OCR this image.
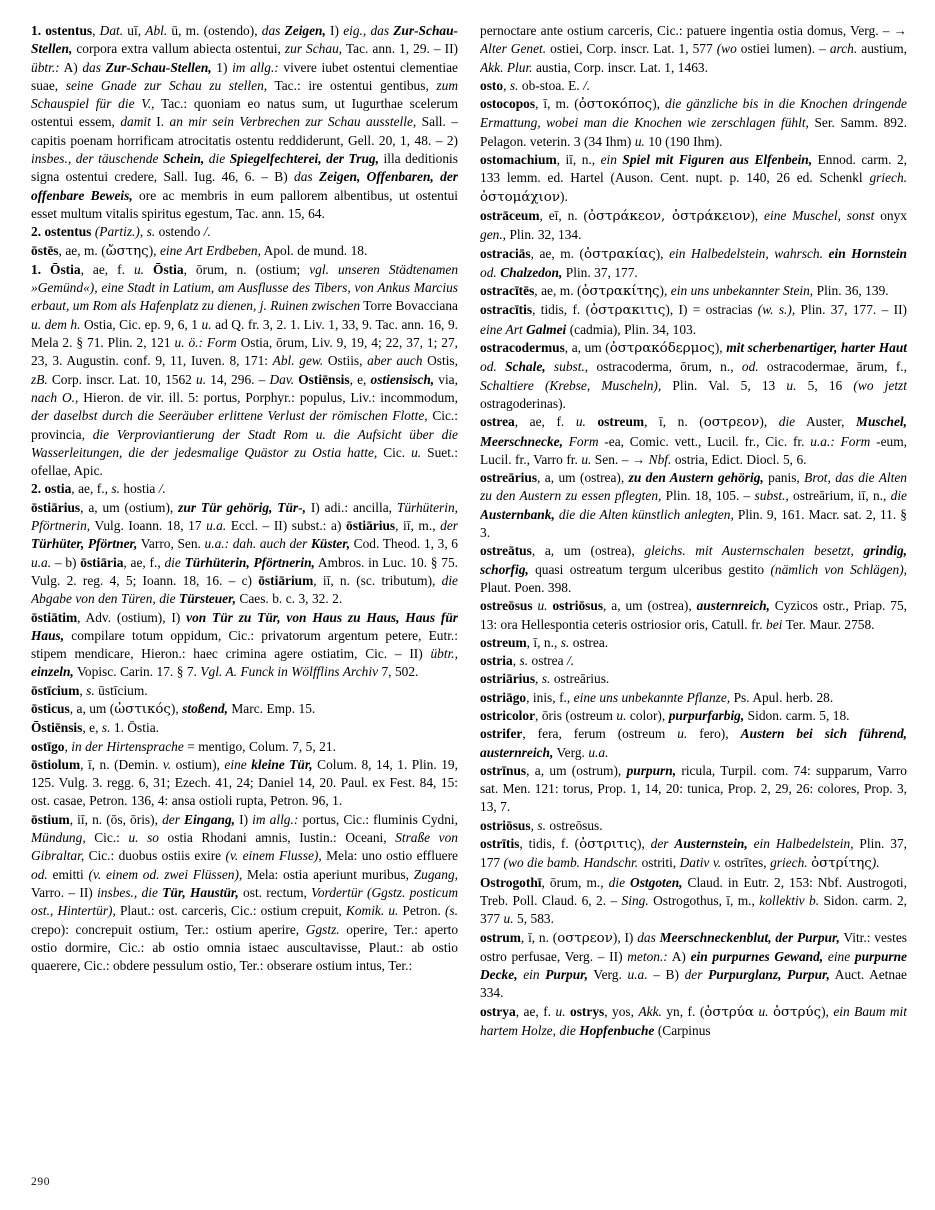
1. ostentus, Dat. uī, Abl. ū, m. (ostendo), das Zeigen, I) eig., das Zur-Schau-Stellen, corpora extra vallum abiecta ostentui, zur Schau, Tac. ann. 1, 29. – II) übtr.: A) das Zur-Schau-Stellen, 1) im allg.: vivere iubet ostentui clementiae suae, seine Gnade zur Schau zu stellen, Tac.: ire ostentui gentibus, zum Schauspiel für die V., Tac.: quoniam eo natus sum, ut Iugurthae scelerum ostentui essem, damit I. an mir sein Verbrechen zur Schau ausstelle, Sall. – capitis poenam horrificam atrocitatis ostentu reddiderunt, Gell. 20, 1, 48. – 2) insbes., der täuschende Schein, die Spiegelfechterei, der Trug, illa deditionis signa ostentui credere, Sall. Iug. 46, 6. – B) das Zeigen, Offenbaren, der offenbare Beweis, ore ac membris in eum pallorem albentibus, ut ostentui esset multum vitalis spiritus egestum, Tac. ann. 15, 64.

2. ostentus (Partiz.), s. ostendo /.

ōstēs, ae, m. (ὤστης), eine Art Erdbeben, Apol. de mund. 18.

1. Ōstia, ae, f. u. Ōstia, ōrum, n. (ostium; vgl. unseren Städtenamen »Gemünd«), eine Stadt in Latium, am Ausflusse des Tibers, von Ankus Marcius erbaut, um Rom als Hafenplatz zu dienen, j. Ruinen zwischen Torre Bovacciana u. dem h. Ostia, Cic. ep. 9, 6, 1 u. ad Q. fr. 3, 2. 1. Liv. 1, 33, 9. Tac. ann. 16, 9. Mela 2. § 71. Plin. 2, 121 u. ö.: Form Ostia, ōrum, Liv. 9, 19, 4; 22, 37, 1; 27, 23, 3. Augustin. conf. 9, 11, Iuven. 8, 171: Abl. gew. Ostiis, aber auch Ostis, zB. Corp. inscr. Lat. 10, 1562 u. 14, 296. – Dav. Ostiēnsis, e, ostiensisch, via, nach O., Hieron. de vir. ill. 5: portus, Porphyr.: populus, Liv.: incommodum, der daselbst durch die Seeräuber erlittene Verlust der römischen Flotte, Cic.: provincia, die Verproviantierung der Stadt Rom u. die Aufsicht über die Wasserleitungen, die der jedesmalige Quästor zu Ostia hatte, Cic. u. Suet.: ofellae, Apic.

2. ostia, ae, f., s. hostia /.

ōstiārius, a, um (ostium), zur Tür gehörig, Tür-, I) adi.: ancilla, Türhüterin, Pförtnerin, Vulg. Ioann. 18, 17 u.a. Eccl. – II) subst.: a) ōstiārius, iī, m., der Türhüter, Pförtner, Varro, Sen. u.a.: dah. auch der Küster, Cod. Theod. 1, 3, 6 u.a. – b) ōstiāria, ae, f., die Türhüterin, Pförtnerin, Ambros. in Luc. 10. § 75. Vulg. 2. reg. 4, 5; Ioann. 18, 16. – c) ōstiārium, iī, n. (sc. tributum), die Abgabe von den Türen, die Türsteuer, Caes. b. c. 3, 32. 2.

ōstiātim, Adv. (ostium), I) von Tür zu Tür, von Haus zu Haus, Haus für Haus, compilare totum oppidum, Cic.: privatorum argentum petere, Eutr.: stipem mendicare, Hieron.: haec crimina agere ostiatim, Cic. – II) übtr., einzeln, Vopisc. Carin. 17. § 7. Vgl. A. Funck in Wölfflins Archiv 7, 502.

ōstīcium, s. ūstīcium.

ōsticus, a, um (ὠστικός), stoßend, Marc. Emp. 15.

Ōstiēnsis, e, s. 1. Ōstia.

ostīgo, in der Hirtensprache = mentigo, Colum. 7, 5, 21.

ōstiolum, ī, n. (Demin. v. ostium), eine kleine Tür, Colum. 8, 14, 1. Plin. 19, 125. Vulg. 3. regg. 6, 31; Ezech. 41, 24; Daniel 14, 20. Paul. ex Fest. 84, 15: ost. casae, Petron. 136, 4: ansa ostioli rupta, Petron. 96, 1.

ōstium, iī, n. (ōs, ōris), der Eingang, I) im allg.: portus, Cic.: fluminis Cydni, Mündung, Cic.: u. so ostia Rhodani amnis, Iustin.: Oceani, Straße von Gibraltar, Cic.: duobus ostiis exire (v. einem Flusse), Mela: uno ostio effluere od. emitti (v. einem od. zwei Flüssen), Mela: ostia aperiunt muribus, Zugang, Varro. – II) insbes., die Tür, Haustür, ost. rectum, Vordertür (Ggstz. posticum ost., Hintertür), Plaut.: ost. carceris, Cic.: ostium crepuit, Komik. u. Petron. (s. crepo): concrepuit ostium, Ter.: ostium aperire, Ggstz. operire, Ter.: aperto ostio dormire, Cic.: ab ostio omnia istaec auscultavisse, Plaut.: ab ostio quaerere, Cic.: obdere pessulum ostio, Ter.: obserare ostium intus, Ter.:

pernoctare ante ostium carceris, Cic.: patuere ingentia ostia domus, Verg. – → Alter Genet. ostiei, Corp. inscr. Lat. 1, 577 (wo ostiei lumen). – arch. austium, Akk. Plur. austia, Corp. inscr. Lat. 1, 1463.

osto, s. ob-stoa. E. /.

ostocopos, ī, m. (ὀστοκόπος), die gänzliche bis in die Knochen dringende Ermattung, wobei man die Knochen wie zerschlagen fühlt, Ser. Samm. 892. Pelagon. veterin. 3 (34 Ihm) u. 10 (190 Ihm).

ostomachium, iī, n., ein Spiel mit Figuren aus Elfenbein, Ennod. carm. 2, 133 lemm. ed. Hartel (Auson. Cent. nupt. p. 140, 26 ed. Schenkl griech. ὀστομάχιον).

ostrāceum, eī, n. (ὀστράκεον, ὀστράκειον), eine Muschel, sonst onyx gen., Plin. 32, 134.

ostraciās, ae, m. (ὀστρακίας), ein Halbedelstein, wahrsch. ein Hornstein od. Chalzedon, Plin. 37, 177.

ostracītēs, ae, m. (ὀστρακίτης), ein uns unbekannter Stein, Plin. 36, 139.

ostracītis, tidis, f. (ὀστρακιτις), I) = ostracias (w. s.), Plin. 37, 177. – II) eine Art Galmei (cadmia), Plin. 34, 103.

ostracodermus, a, um (ὀστρακόδερμος), mit scherbenartiger, harter Haut od. Schale, subst., ostracoderma, ōrum, n., od. ostracodermae, ārum, f., Schaltiere (Krebse, Muscheln), Plin. Val. 5, 13 u. 5, 16 (wo jetzt ostragoderinas).

ostrea, ae, f. u. ostreum, ī, n. (οστρεον), die Auster, Muschel, Meerschnecke, Form -ea, Comic. vett., Lucil. fr., Cic. fr. u.a.: Form -eum, Lucil. fr., Varro fr. u. Sen. – → Nbf. ostria, Edict. Diocl. 5, 6.

ostreārius, a, um (ostrea), zu den Austern gehörig, panis, Brot, das die Alten zu den Austern zu essen pflegten, Plin. 18, 105. – subst., ostreārium, iī, n., die Austernbank, die die Alten künstlich anlegten, Plin. 9, 161. Macr. sat. 2, 11. § 3.

ostreātus, a, um (ostrea), gleichs. mit Austernschalen besetzt, grindig, schorfig, quasi ostreatum tergum ulceribus gestito (nämlich von Schlägen), Plaut. Poen. 398.

ostreōsus u. ostriōsus, a, um (ostrea), austernreich, Cyzicos ostr., Priap. 75, 13: ora Hellespontia ceteris ostriosior oris, Catull. fr. bei Ter. Maur. 2758.

ostreum, ī, n., s. ostrea.

ostria, s. ostrea /.

ostriārius, s. ostreārius.

ostriāgo, inis, f., eine uns unbekannte Pflanze, Ps. Apul. herb. 28.

ostricolor, ōris (ostreum u. color), purpurfarbig, Sidon. carm. 5, 18.

ostrifer, fera, ferum (ostreum u. fero), Austern bei sich führend, austernreich, Verg. u.a.

ostrīnus, a, um (ostrum), purpurn, ricula, Turpil. com. 74: supparum, Varro sat. Men. 121: torus, Prop. 1, 14, 20: tunica, Prop. 2, 29, 26: colores, Prop. 3, 13, 7.

ostriōsus, s. ostreōsus.

ostrītis, tidis, f. (ὀστριτις), der Austernstein, ein Halbedelstein, Plin. 37, 177 (wo die bamb. Handschr. ostriti, Dativ v. ostrītes, griech. ὀστρίτης).

Ostrogothī, ōrum, m., die Ostgoten, Claud. in Eutr. 2, 153: Nbf. Austrogoti, Treb. Poll. Claud. 6, 2. – Sing. Ostrogothus, ī, m., kollektiv b. Sidon. carm. 2, 377 u. 5, 583.

ostrum, ī, n. (οστρεον), I) das Meerschneckenblut, der Purpur, Vitr.: vestes ostro perfusae, Verg. – II) meton.: A) ein purpurnes Gewand, eine purpurne Decke, ein Purpur, Verg. u.a. – B) der Purpurglanz, Purpur, Auct. Aetnae 334.

ostrya, ae, f. u. ostrys, yos, Akk. yn, f. (ὀστρύα u. ὀστρύς), ein Baum mit hartem Holze, die Hopfenbuche (Carpinus

290
